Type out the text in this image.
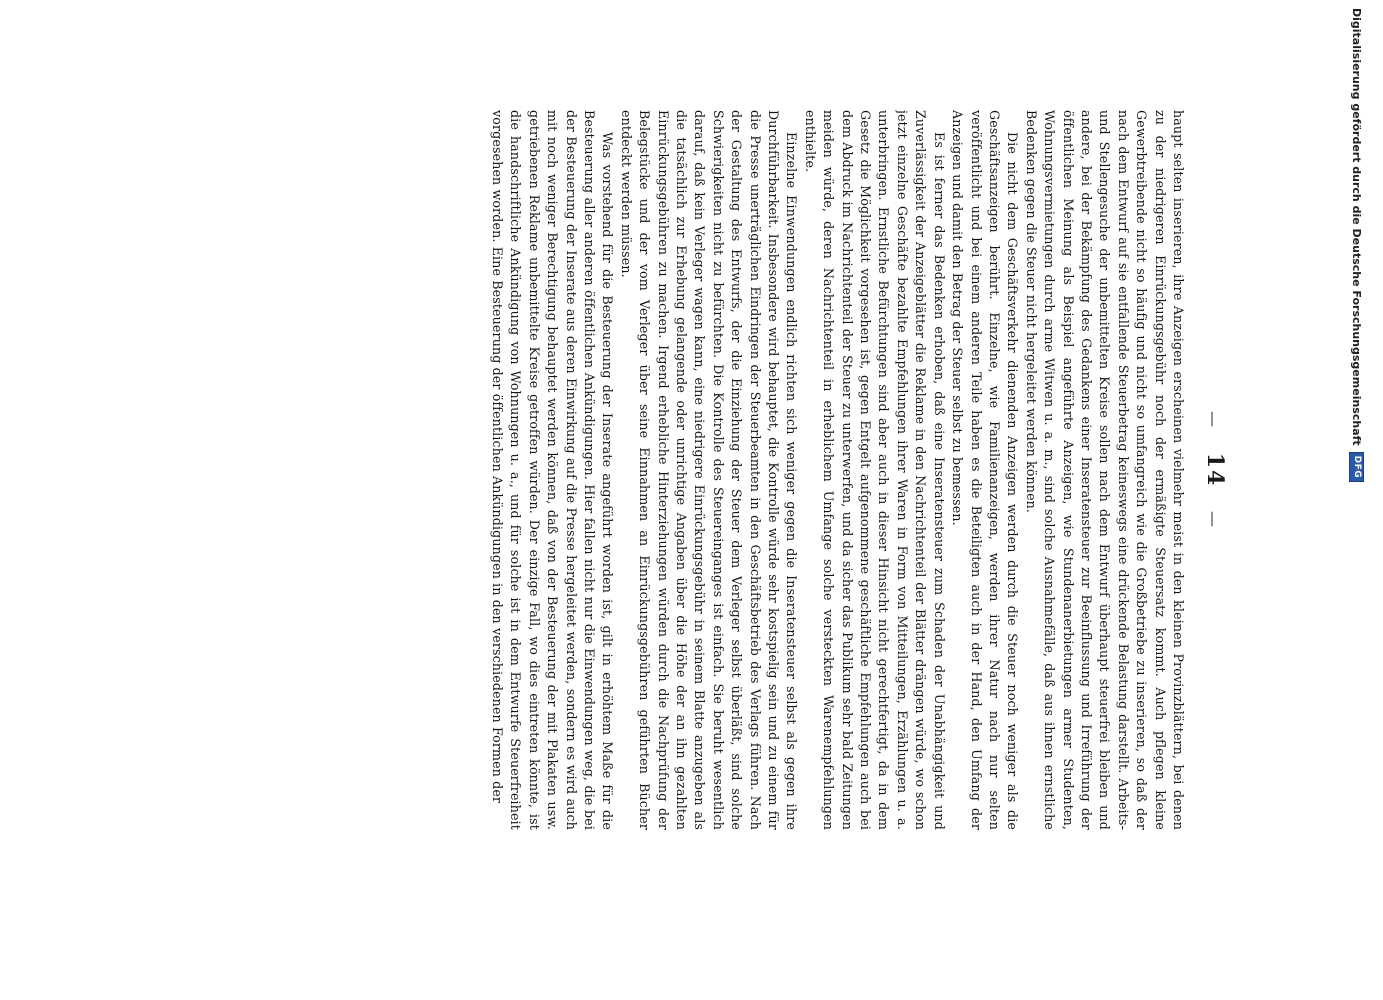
— 14 —

haupt selten inserieren, ihre Anzeigen erscheinen vielmehr meist in den kleinen Provinzblättern, bei denen zu der niedrigeren Einrückungsgebühr noch der ermäßigte Steuersatz kommt. Auch pflegen kleine Gewerbtreibende nicht so häufig und nicht so umfangreich wie die Großbetriebe zu inserieren, so daß der nach dem Entwurf auf sie entfallende Steuerbetrag keineswegs eine drückende Belastung darstellt. Arbeits- und Stellengesuche der unbemittelten Kreise sollen nach dem Entwurf überhaupt steuerfrei bleiben und andere, bei der Bekämpfung des Gedankens einer Inseratensteuer zur Beeinflussung und Irreführung der öffentlichen Meinung als Beispiel angeführte Anzeigen, wie Stundenanerbietungen armer Studenten, Wohnungsvermietungen durch arme Witwen u. a. m., sind solche Ausnahmefälle, daß aus ihnen ernstliche Bedenken gegen die Steuer nicht hergeleitet werden können.

Die nicht dem Geschäftsverkehr dienenden Anzeigen werden durch die Steuer noch weniger als die Geschäftsanzeigen berührt. Einzelne, wie Familienanzeigen, werden ihrer Natur nach nur selten veröffentlicht und bei einem anderen Teile haben es die Beteiligten auch in der Hand, den Umfang der Anzeigen und damit den Betrag der Steuer selbst zu bemessen.

Es ist ferner das Bedenken erhoben, daß eine Inseratensteuer zum Schaden der Unabhängigkeit und Zuverlässigkeit der Anzeigeblätter die Reklame in den Nachrichtenteil der Blätter drängen würde, wo schon jetzt einzelne Geschäfte bezahlte Empfehlungen ihrer Waren in Form von Mitteilungen, Erzählungen u. a. unterbringen. Ernstliche Befürchtungen sind aber auch in dieser Hinsicht nicht gerechtfertigt, da in dem Gesetz die Möglichkeit vorgesehen ist, gegen Entgelt aufgenommene geschäftliche Empfehlungen auch bei dem Abdruck im Nachrichtenteil der Steuer zu unterwerfen, und da sicher das Publikum sehr bald Zeitungen meiden würde, deren Nachrichtenteil in erheblichem Umfange solche versteckten Warenempfehlungen enthielte.

Einzelne Einwendungen endlich richten sich weniger gegen die Inseratensteuer selbst als gegen ihre Durchführbarkeit. Insbesondere wird behauptet, die Kontrolle würde sehr kostspielig sein und zu einem für die Presse unerträglichen Eindringen der Steuerbeamten in den Geschäftsbetrieb des Verlags führen. Nach der Gestaltung des Entwurfs, der die Einziehung der Steuer dem Verleger selbst überläßt, sind solche Schwierigkeiten nicht zu befürchten. Die Kontrolle des Steuereinganges ist einfach. Sie beruht wesentlich darauf, daß kein Verleger wagen kann, eine niedrigere Einrückungsgebühr in seinem Blatte anzugeben als die tatsächlich zur Erhebung gelangende oder unrichtige Angaben über die Höhe der an ihn gezahlten Einrückungsgebühren zu machen. Irgend erhebliche Hinterziehungen würden durch die Nachprüfung der Belegstücke und der vom Verleger über seine Einnahmen an Einrückungsgebühren geführten Bücher entdeckt werden müssen.

Was vorstehend für die Besteuerung der Inserate angeführt worden ist, gilt in erhöhtem Maße für die Besteuerung aller anderen öffentlichen Ankündigungen. Hier fallen nicht nur die Einwendungen weg, die bei der Besteuerung der Inserate aus deren Einwirkung auf die Presse hergeleitet werden, sondern es wird auch mit noch weniger Berechtigung behauptet werden können, daß von der Besteuerung der mit Plakaten usw. getriebenen Reklame unbemittelte Kreise getroffen würden. Der einzige Fall, wo dies eintreten könnte, ist die handschriftliche Ankündigung von Wohnungen u. a., und für solche ist in dem Entwurfe Steuerfreiheit vorgesehen worden. Eine Besteuerung der öffentlichen Ankündigungen in den verschiedenen Formen der	Digitalisierung gefördert durch die Deutsche Forschungsgemeinschaft
DFG
